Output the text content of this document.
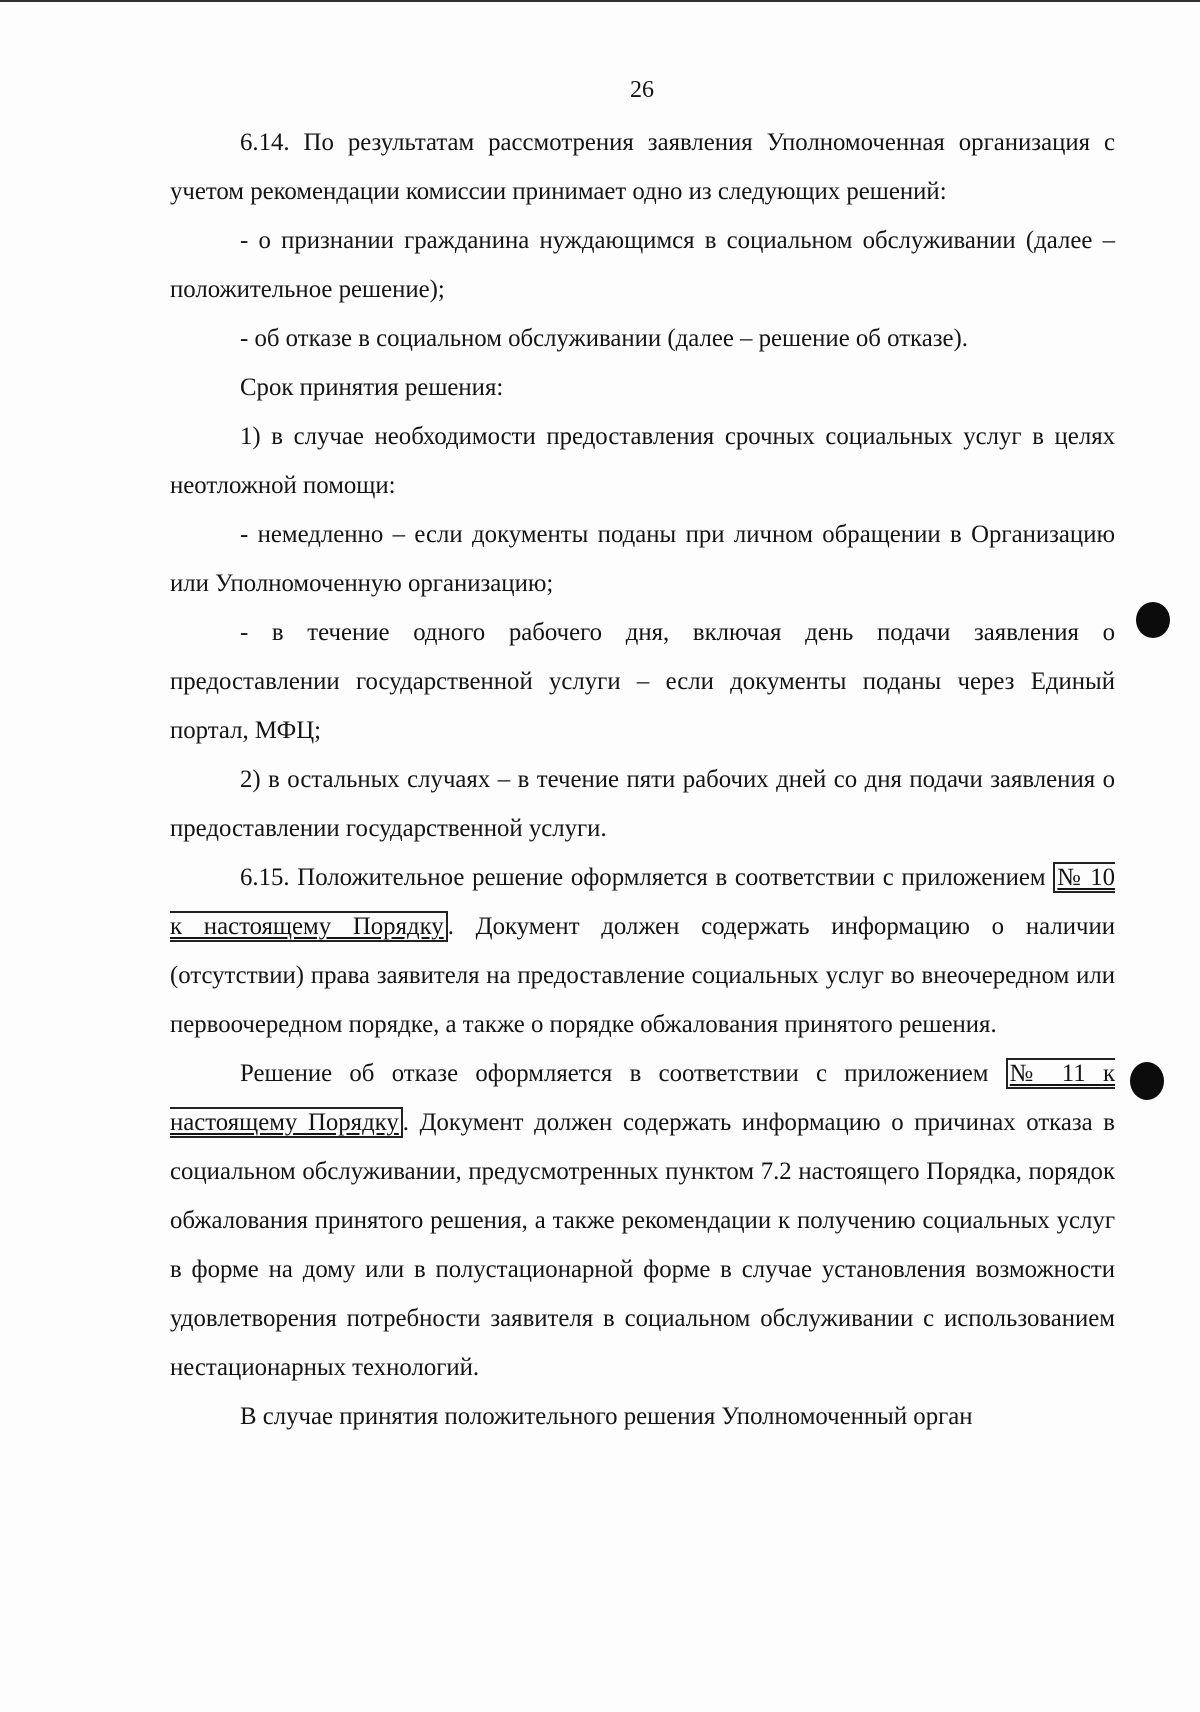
26

6.14. По результатам рассмотрения заявления Уполномоченная организация с учетом рекомендации комиссии принимает одно из следующих решений:

- о признании гражданина нуждающимся в социальном обслуживании (далее – положительное решение);

- об отказе в социальном обслуживании (далее – решение об отказе).

Срок принятия решения:

1) в случае необходимости предоставления срочных социальных услуг в целях неотложной помощи:

- немедленно – если документы поданы при личном обращении в Организацию или Уполномоченную организацию;

- в течение одного рабочего дня, включая день подачи заявления о предоставлении государственной услуги – если документы поданы через Единый портал, МФЦ;

2) в остальных случаях – в течение пяти рабочих дней со дня подачи заявления о предоставлении государственной услуги.

6.15. Положительное решение оформляется в соответствии с приложением № 10 к настоящему Порядку . Документ должен содержать информацию о наличии (отсутствии) права заявителя на предоставление социальных услуг во внеочередном или первоочередном порядке, а также о порядке обжалования принятого решения.

Решение об отказе оформляется в соответствии с приложением № 11 к настоящему Порядку . Документ должен содержать информацию о причинах отказа в социальном обслуживании, предусмотренных пунктом 7.2 настоящего Порядка, порядок обжалования принятого решения, а также рекомендации к получению социальных услуг в форме на дому или в полустационарной форме в случае установления возможности удовлетворения потребности заявителя в социальном обслуживании с использованием нестационарных технологий.

В случае принятия положительного решения Уполномоченный орган
